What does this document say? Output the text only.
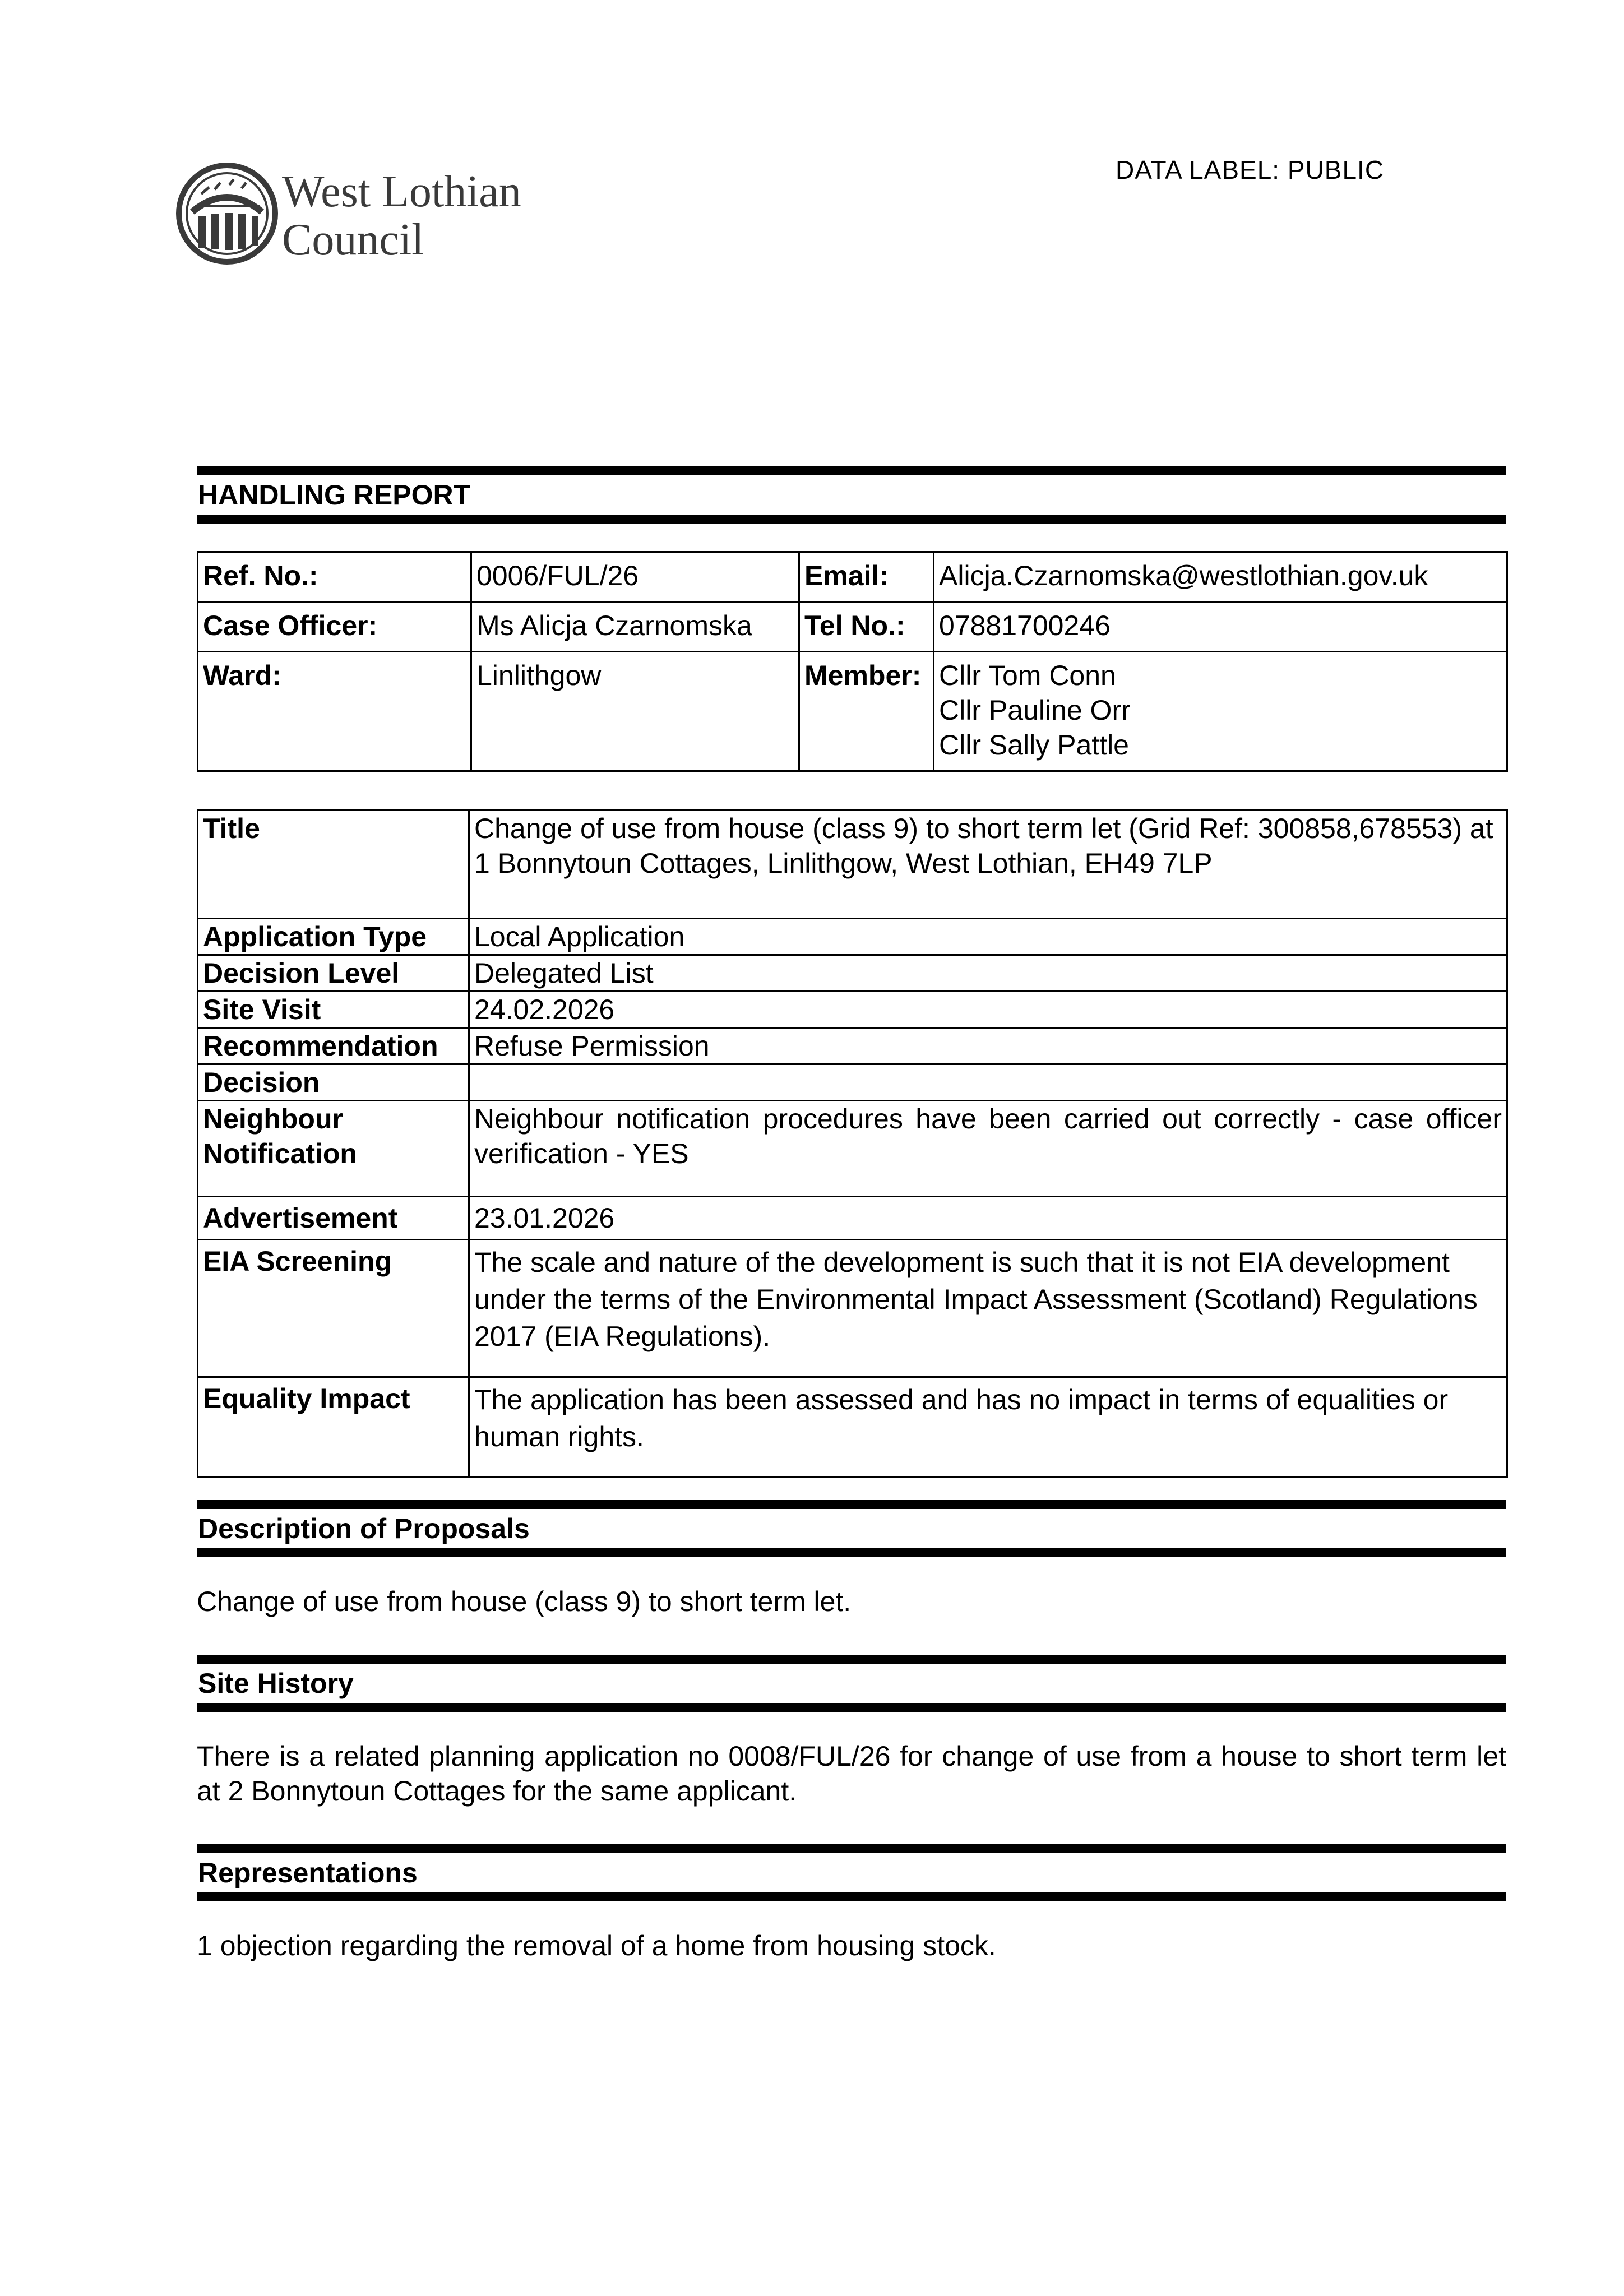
West Lothian
Council
DATA LABEL: PUBLIC
HANDLING REPORT
Ref. No.:	0006/FUL/26	Email:	Alicja.Czarnomska@westlothian.gov.uk
Case Officer:	Ms Alicja Czarnomska	Tel No.:	07881700246
Ward:	Linlithgow	Member:	Cllr Tom Conn
Cllr Pauline Orr
Cllr Sally Pattle
Title	Change of use from house (class 9) to short term let (Grid Ref: 300858,678553) at 1 Bonnytoun Cottages, Linlithgow, West Lothian, EH49 7LP
Application Type	Local Application
Decision Level	Delegated List
Site Visit	24.02.2026
Recommendation	Refuse Permission
Decision	

Neighbour
Notification	Neighbour notification procedures have been carried out correctly - case officer verification - YES
Advertisement	23.01.2026
EIA Screening	The scale and nature of the development is such that it is not EIA development under the terms of the Environmental Impact Assessment (Scotland) Regulations 2017 (EIA Regulations).
Equality Impact	The application has been assessed and has no impact in terms of equalities or human rights.
Description of Proposals
Change of use from house (class 9) to short term let.
Site History
There is a related planning application no 0008/FUL/26 for change of use from a house to short term let at 2 Bonnytoun Cottages for the same applicant.
Representations
1 objection regarding the removal of a home from housing stock.
